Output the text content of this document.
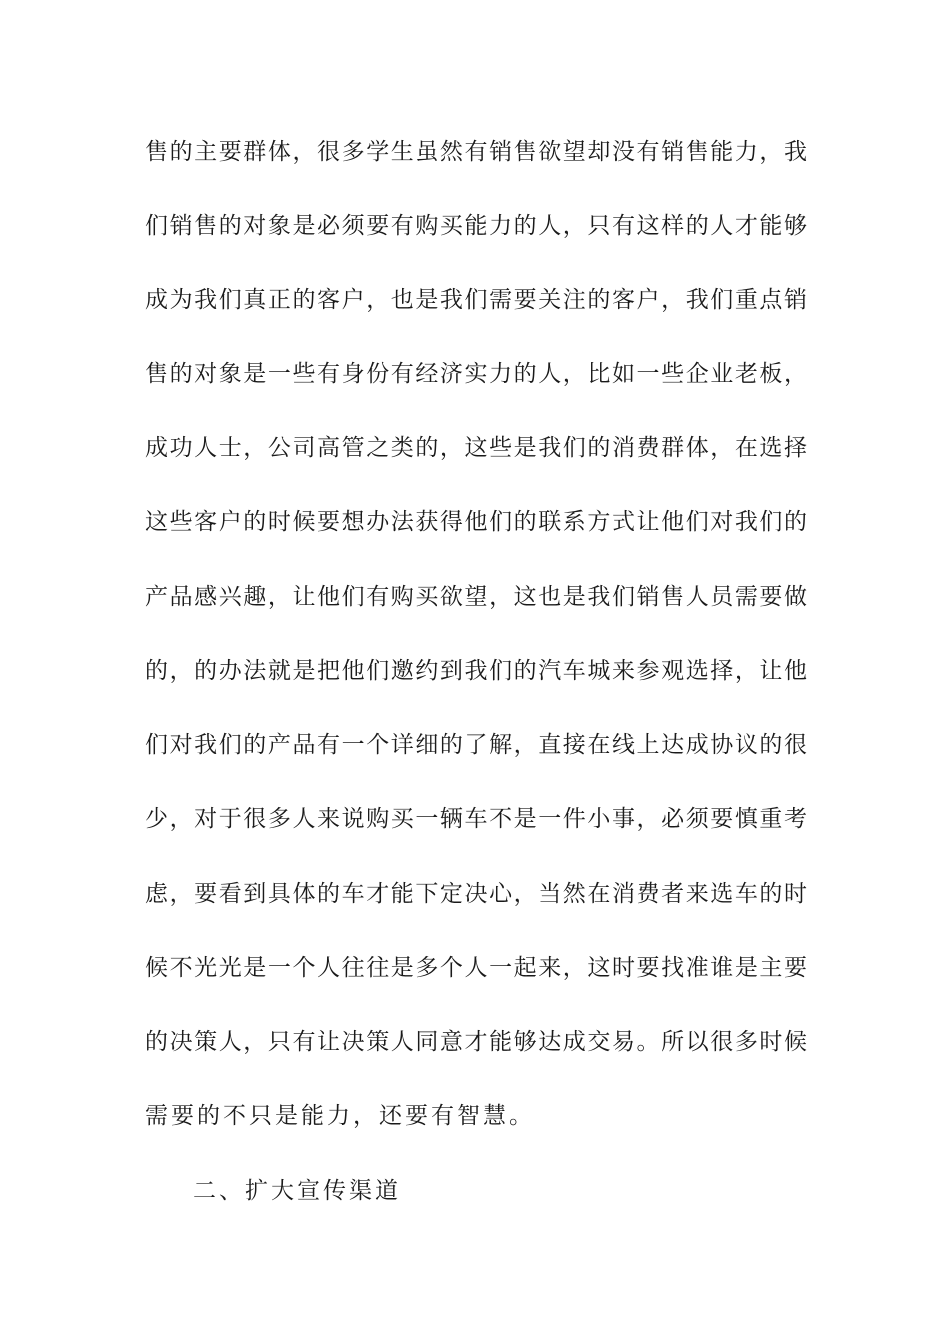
售的主要群体，很多学生虽然有销售欲望却没有销售能力，我
们销售的对象是必须要有购买能力的人，只有这样的人才能够
成为我们真正的客户，也是我们需要关注的客户，我们重点销
售的对象是一些有身份有经济实力的人，比如一些企业老板，
成功人士，公司高管之类的，这些是我们的消费群体，在选择
这些客户的时候要想办法获得他们的联系方式让他们对我们的
产品感兴趣，让他们有购买欲望，这也是我们销售人员需要做
的，的办法就是把他们邀约到我们的汽车城来参观选择，让他
们对我们的产品有一个详细的了解，直接在线上达成协议的很
少，对于很多人来说购买一辆车不是一件小事，必须要慎重考
虑，要看到具体的车才能下定决心，当然在消费者来选车的时
候不光光是一个人往往是多个人一起来，这时要找准谁是主要
的决策人，只有让决策人同意才能够达成交易。所以很多时候
需要的不只是能力，还要有智慧。
二、扩大宣传渠道
